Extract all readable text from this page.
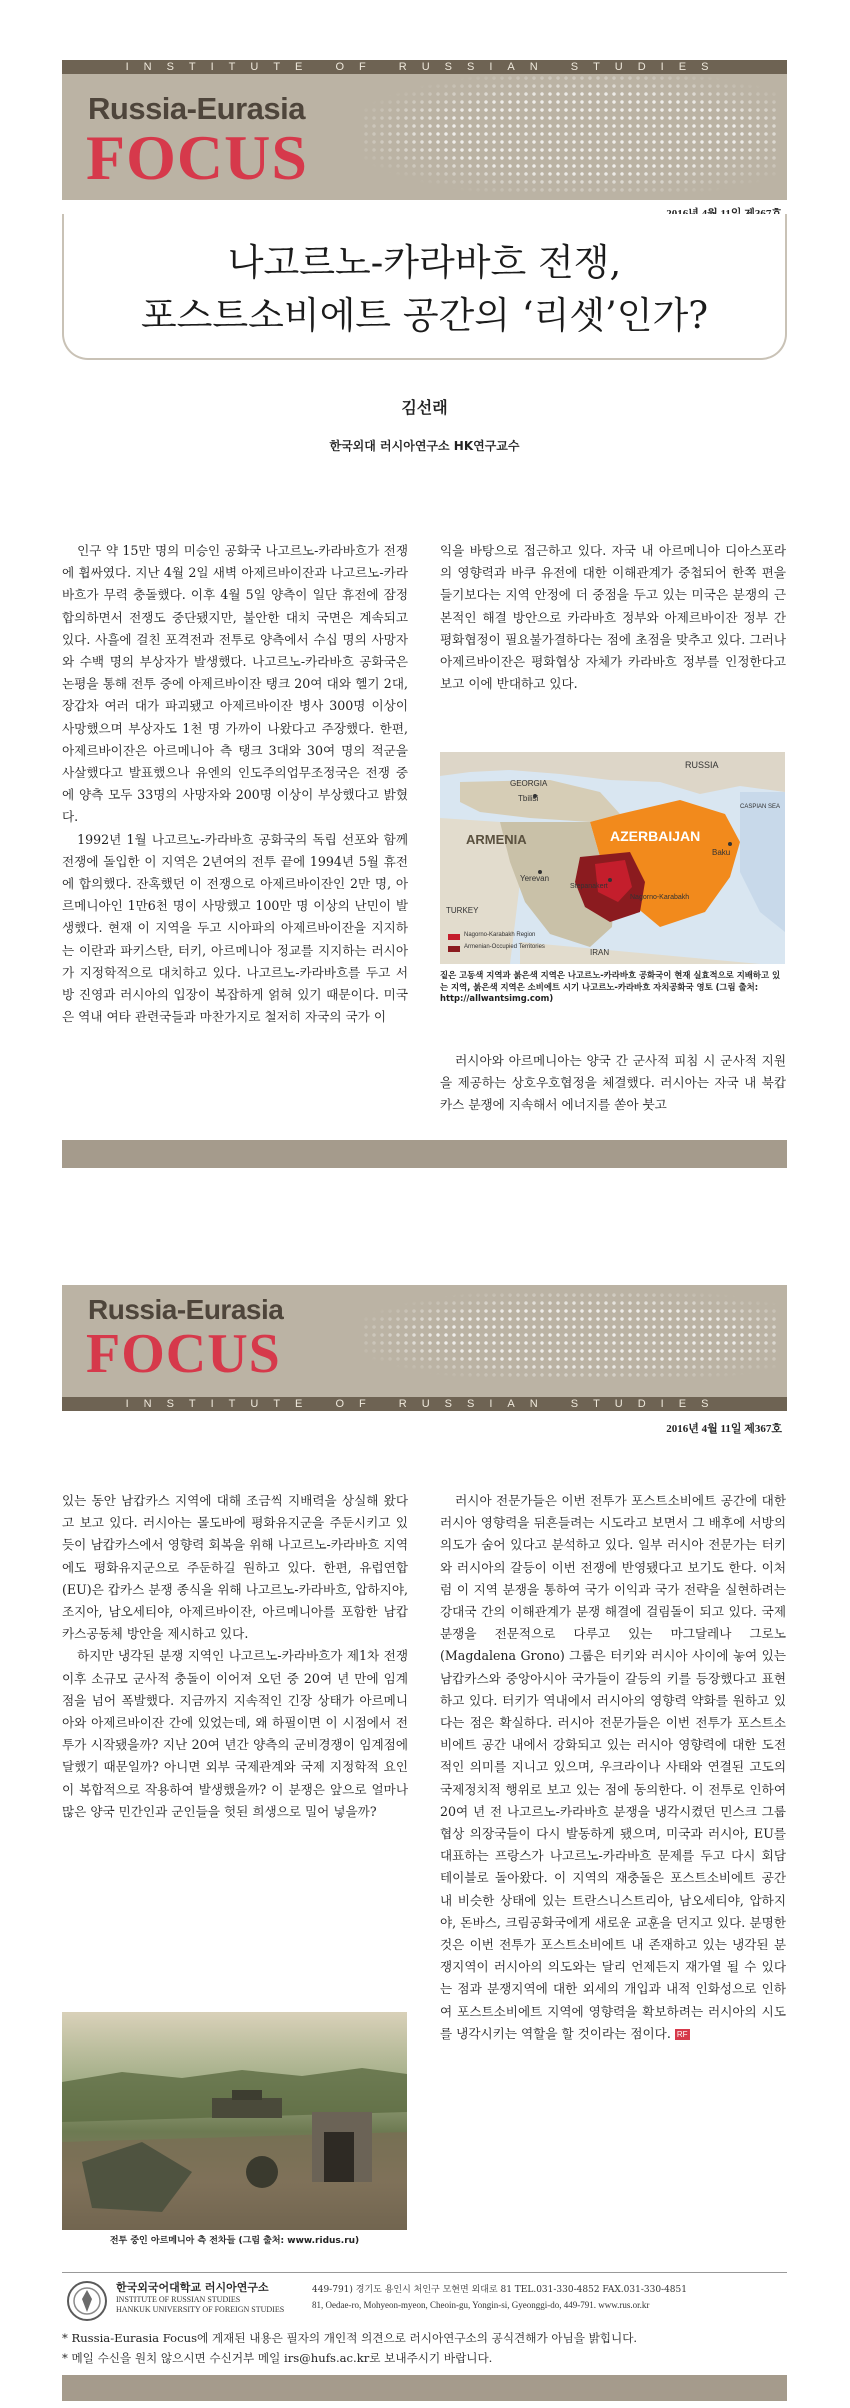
INSTITUTE OF RUSSIAN STUDIES
Russia-Eurasia
FOCUS
나고르노-카라바흐 전쟁,
포스트소비에트 공간의 ‘리셋’인가?
김선래
한국외대 러시아연구소 HK연구교수

인구 약 15만 명의 미승인 공화국 나고르노-카라바흐가 전쟁에 휩싸였다. 지난 4월 2일 새벽 아제르바이잔과 나고르노-카라바흐가 무력 충돌했다. 이후 4월 5일 양측이 일단 휴전에 잠정 합의하면서 전쟁도 중단됐지만, 불안한 대치 국면은 계속되고 있다. 사흘에 걸친 포격전과 전투로 양측에서 수십 명의 사망자와 수백 명의 부상자가 발생했다. 나고르노-카라바흐 공화국은 논평을 통해 전투 중에 아제르바이잔 탱크 20여 대와 헬기 2대, 장갑차 여러 대가 파괴됐고 아제르바이잔 병사 300명 이상이 사망했으며 부상자도 1천 명 가까이 나왔다고 주장했다. 한편, 아제르바이잔은 아르메니아 측 탱크 3대와 30여 명의 적군을 사살했다고 발표했으나 유엔의 인도주의업무조정국은 전쟁 중에 양측 모두 33명의 사망자와 200명 이상이 부상했다고 밝혔다.

1992년 1월 나고르노-카라바흐 공화국의 독립 선포와 함께 전쟁에 돌입한 이 지역은 2년여의 전투 끝에 1994년 5월 휴전에 합의했다. 잔혹했던 이 전쟁으로 아제르바이잔인 2만 명, 아르메니아인 1만6천 명이 사망했고 100만 명 이상의 난민이 발생했다. 현재 이 지역을 두고 시아파의 아제르바이잔을 지지하는 이란과 파키스탄, 터키, 아르메니아 정교를 지지하는 러시아가 지정학적으로 대치하고 있다. 나고르노-카라바흐를 두고 서방 진영과 러시아의 입장이 복잡하게 얽혀 있기 때문이다. 미국은 역내 여타 관련국들과 마찬가지로 철저히 자국의 국가 이

익을 바탕으로 접근하고 있다. 자국 내 아르메니아 디아스포라의 영향력과 바쿠 유전에 대한 이해관계가 중첩되어 한쪽 편을 들기보다는 지역 안정에 더 중점을 두고 있는 미국은 분쟁의 근본적인 해결 방안으로 카라바흐 정부와 아제르바이잔 정부 간 평화협정이 필요불가결하다는 점에 초점을 맞추고 있다. 그러나 아제르바이잔은 평화협상 자체가 카라바흐 정부를 인정한다고 보고 이에 반대하고 있다.

RUSSIA
GEORGIA
Tbilisi
ARMENIA	AZERBAIJAN
Yerevan
Baku
Stepanakert
Nagorno-Karabakh
TURKEY
IRAN
CASPIAN SEA
Nagorno-Karabakh Region
Armenian-Occupied Territories
짙은 고동색 지역과 붉은색 지역은 나고르노-카라바흐 공화국이 현재 실효적으로 지배하고 있는 지역, 붉은색 지역은 소비에트 시기 나고르노-카라바흐 자치공화국 영토 (그림 출처: http://allwantsimg.com)

러시아와 아르메니아는 양국 간 군사적 피침 시 군사적 지원을 제공하는 상호우호협정을 체결했다. 러시아는 자국 내 북캅카스 분쟁에 지속해서 에너지를 쏟아 붓고

Russia-Eurasia
FOCUS
INSTITUTE OF RUSSIAN STUDIES
2016년 4월 11일 제367호

있는 동안 남캅카스 지역에 대해 조금씩 지배력을 상실해 왔다고 보고 있다. 러시아는 몰도바에 평화유지군을 주둔시키고 있듯이 남캅카스에서 영향력 회복을 위해 나고르노-카라바흐 지역에도 평화유지군으로 주둔하길 원하고 있다. 한편, 유럽연합(EU)은 캅카스 분쟁 종식을 위해 나고르노-카라바흐, 압하지야, 조지아, 남오세티야, 아제르바이잔, 아르메니아를 포함한 남캅카스공동체 방안을 제시하고 있다.

하지만 냉각된 분쟁 지역인 나고르노-카라바흐가 제1차 전쟁 이후 소규모 군사적 충돌이 이어져 오던 중 20여 년 만에 임계점을 넘어 폭발했다. 지금까지 지속적인 긴장 상태가 아르메니아와 아제르바이잔 간에 있었는데, 왜 하필이면 이 시점에서 전투가 시작됐을까? 지난 20여 년간 양측의 군비경쟁이 임계점에 달했기 때문일까? 아니면 외부 국제관계와 국제 지정학적 요인이 복합적으로 작용하여 발생했을까? 이 분쟁은 앞으로 얼마나 많은 양국 민간인과 군인들을 헛된 희생으로 밀어 넣을까?

전투 중인 아르메니아 측 전차들 (그림 출처: www.ridus.ru)

러시아 전문가들은 이번 전투가 포스트소비에트 공간에 대한 러시아 영향력을 뒤흔들려는 시도라고 보면서 그 배후에 서방의 의도가 숨어 있다고 분석하고 있다. 일부 러시아 전문가는 터키와 러시아의 갈등이 이번 전쟁에 반영됐다고 보기도 한다. 이처럼 이 지역 분쟁을 통하여 국가 이익과 국가 전략을 실현하려는 강대국 간의 이해관계가 분쟁 해결에 걸림돌이 되고 있다. 국제분쟁을 전문적으로 다루고 있는 마그달레나 그로노(Magdalena Grono) 그룹은 터키와 러시아 사이에 놓여 있는 남캅카스와 중앙아시아 국가들이 갈등의 키를 등장했다고 표현하고 있다. 터키가 역내에서 러시아의 영향력 약화를 원하고 있다는 점은 확실하다. 러시아 전문가들은 이번 전투가 포스트소비에트 공간 내에서 강화되고 있는 러시아 영향력에 대한 도전적인 의미를 지니고 있으며, 우크라이나 사태와 연결된 고도의 국제정치적 행위로 보고 있는 점에 동의한다. 이 전투로 인하여 20여 년 전 나고르노-카라바흐 분쟁을 냉각시켰던 민스크 그룹 협상 의장국들이 다시 발동하게 됐으며, 미국과 러시아, EU를 대표하는 프랑스가 나고르노-카라바흐 문제를 두고 다시 회담 테이블로 돌아왔다. 이 지역의 재충돌은 포스트소비에트 공간 내 비슷한 상태에 있는 트란스니스트리아, 남오세티야, 압하지야, 돈바스, 크림공화국에게 새로운 교훈을 던지고 있다. 분명한 것은 이번 전투가 포스트소비에트 내 존재하고 있는 냉각된 분쟁지역이 러시아의 의도와는 달리 언제든지 재가열 될 수 있다는 점과 분쟁지역에 대한 외세의 개입과 내적 인화성으로 인하여 포스트소비에트 지역에 영향력을 확보하려는 러시아의 시도를 냉각시키는 역할을 할 것이라는 점이다. RF

한국외국어대학교 러시아연구소
INSTITUTE OF RUSSIAN STUDIES
HANKUK UNIVERSITY OF FOREIGN STUDIES
449-791) 경기도 용인시 처인구 모현면 외대로 81 TEL.031-330-4852 FAX.031-330-4851
81, Oedae-ro, Mohyeon-myeon, Cheoin-gu, Yongin-si, Gyeonggi-do, 449-791. www.rus.or.kr
* Russia-Eurasia Focus에 게재된 내용은 필자의 개인적 의견으로 러시아연구소의 공식견해가 아님을 밝힙니다.
* 메일 수신을 원치 않으시면 수신거부 메일 irs@hufs.ac.kr로 보내주시기 바랍니다.
